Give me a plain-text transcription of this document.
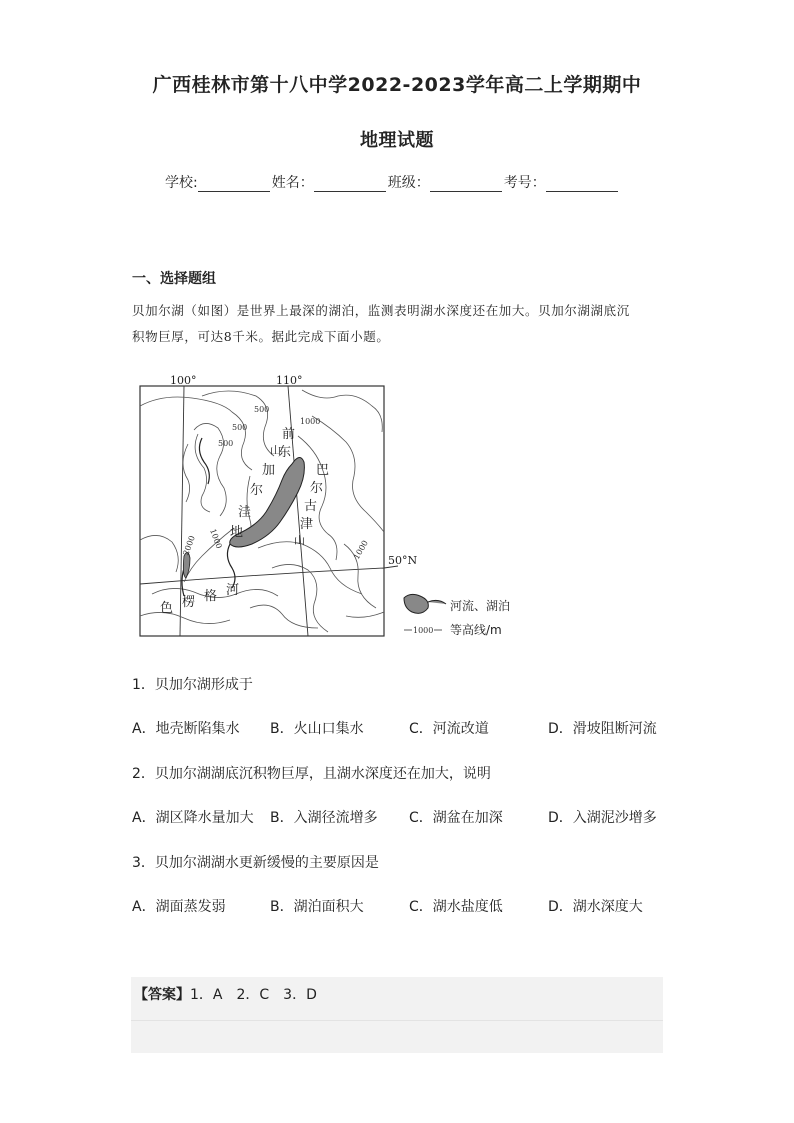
广西桂林市第十八中学2022-2023学年高二上学期期中
地理试题
学校:	姓名：	班级：	考号：
一、选择题组
贝加尔湖（如图）是世界上最深的湖泊，监测表明湖水深度还在加大。贝加尔湖湖底沉
积物巨厚，可达8千米。据此完成下面小题。
100°	110°
50°N
500
500
500
1000
1000
2000	1000
前
东
加
尔
洼
地
巴
尔
古
津
山
山
色 楞 格 河
河流、湖泊
1000 等高线/m
1．贝加尔湖形成于
A．地壳断陷集水 B．火山口集水	C．河流改道	D．滑坡阻断河流
2．贝加尔湖湖底沉积物巨厚，且湖水深度还在加大，说明
A．湖区降水量加大 B．入湖径流增多 C．湖盆在加深	D．入湖泥沙增多
3．贝加尔湖湖水更新缓慢的主要原因是
A．湖面蒸发弱	B．湖泊面积大	C．湖水盐度低	D．湖水深度大
【答案】1．A　2．C　3．D
